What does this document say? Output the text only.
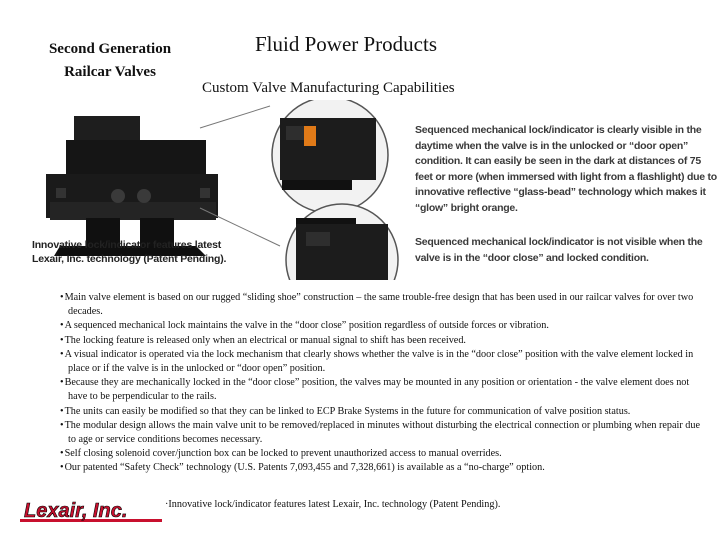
Second Generation
Railcar Valves
Fluid Power Products
Custom Valve Manufacturing Capabilities
Innovative lock/indicator features latest
Lexair, Inc. technology (Patent Pending).
Sequenced mechanical lock/indicator is clearly visible in the daytime when the valve is in the unlocked or “door open” condition. It can easily be seen in the dark at distances of 75 feet or more (when immersed with light from a flashlight) due to innovative reflective “glass-bead” technology which makes it “glow” bright orange.
Sequenced mechanical lock/indicator is not visible when the valve is in the “door close” and locked condition.
• Main valve element is based on our rugged “sliding shoe” construction – the same trouble-free design that has been used in our railcar valves for over two decades.
• A sequenced mechanical lock maintains the valve in the “door close” position regardless of outside forces or vibration.
• The locking feature is released only when an electrical or manual signal to shift has been received.
• A visual indicator is operated via the lock mechanism that clearly shows whether the valve is in the “door close” position with the valve element locked in place or if the valve is in the unlocked or “door open” position.
• Because they are mechanically locked in the “door close” position, the valves may be mounted in any position or orientation - the valve element does not have to be perpendicular to the rails.
• The units can easily be modified so that they can be linked to ECP Brake Systems in the future for communication of valve position status.
• The modular design allows the main valve unit to be removed/replaced in minutes without disturbing the electrical connection or plumbing when repair due to age or service conditions becomes necessary.
• Self closing solenoid cover/junction box can be locked to prevent unauthorized access to manual overrides.
• Our patented “Safety Check” technology (U.S. Patents 7,093,455 and 7,328,661) is available as a “no-charge” option.
Lexair, Inc.	·Innovative lock/indicator features latest Lexair, Inc. technology (Patent Pending).
